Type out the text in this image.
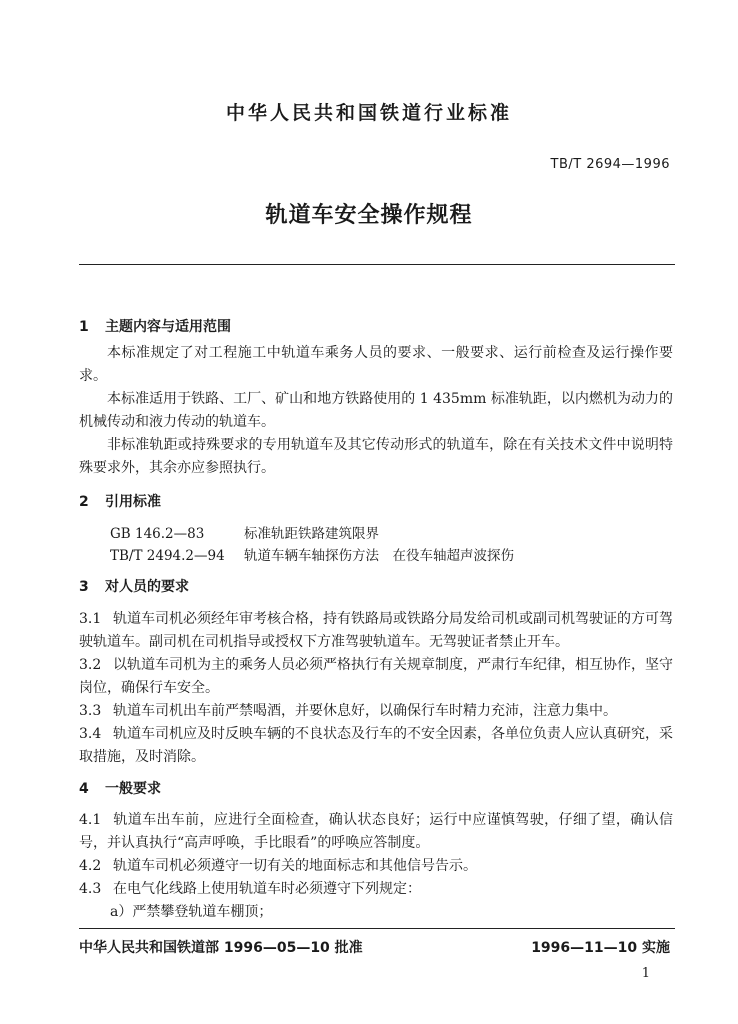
中华人民共和国铁道行业标准
TB/T 2694—1996
轨道车安全操作规程
1 主题内容与适用范围

本标准规定了对工程施工中轨道车乘务人员的要求、一般要求、运行前检查及运行操作要求。

本标准适用于铁路、工厂、矿山和地方铁路使用的 1 435mm 标准轨距，以内燃机为动力的机械传动和液力传动的轨道车。

非标准轨距或持殊要求的专用轨道车及其它传动形式的轨道车，除在有关技术文件中说明特殊要求外，其余亦应参照执行。

2 引用标准
GB 146.2—83	标准轨距铁路建筑限界
TB/T 2494.2—94 轨道车辆车轴探伤方法　在役车轴超声波探伤
3 对人员的要求
3.1 轨道车司机必须经年审考核合格，持有铁路局或铁路分局发给司机或副司机驾驶证的方可驾驶轨道车。副司机在司机指导或授权下方准驾驶轨道车。无驾驶证者禁止开车。
3.2 以轨道车司机为主的乘务人员必须严格执行有关规章制度，严肃行车纪律，相互协作，坚守岗位，确保行车安全。
3.3 轨道车司机出车前严禁喝酒，并要休息好，以确保行车时精力充沛，注意力集中。
3.4 轨道车司机应及时反映车辆的不良状态及行车的不安全因素，各单位负责人应认真研究，采取措施，及时消除。
4 一般要求
4.1 轨道车出车前，应进行全面检查，确认状态良好；运行中应谨慎驾驶，仔细了望，确认信号，并认真执行“高声呼唤，手比眼看”的呼唤应答制度。
4.2 轨道车司机必须遵守一切有关的地面标志和其他信号告示。
4.3 在电气化线路上使用轨道车时必须遵守下列规定：
a）严禁攀登轨道车棚顶；
中华人民共和国铁道部 1996—05—10 批准	1996—11—10 实施
1
